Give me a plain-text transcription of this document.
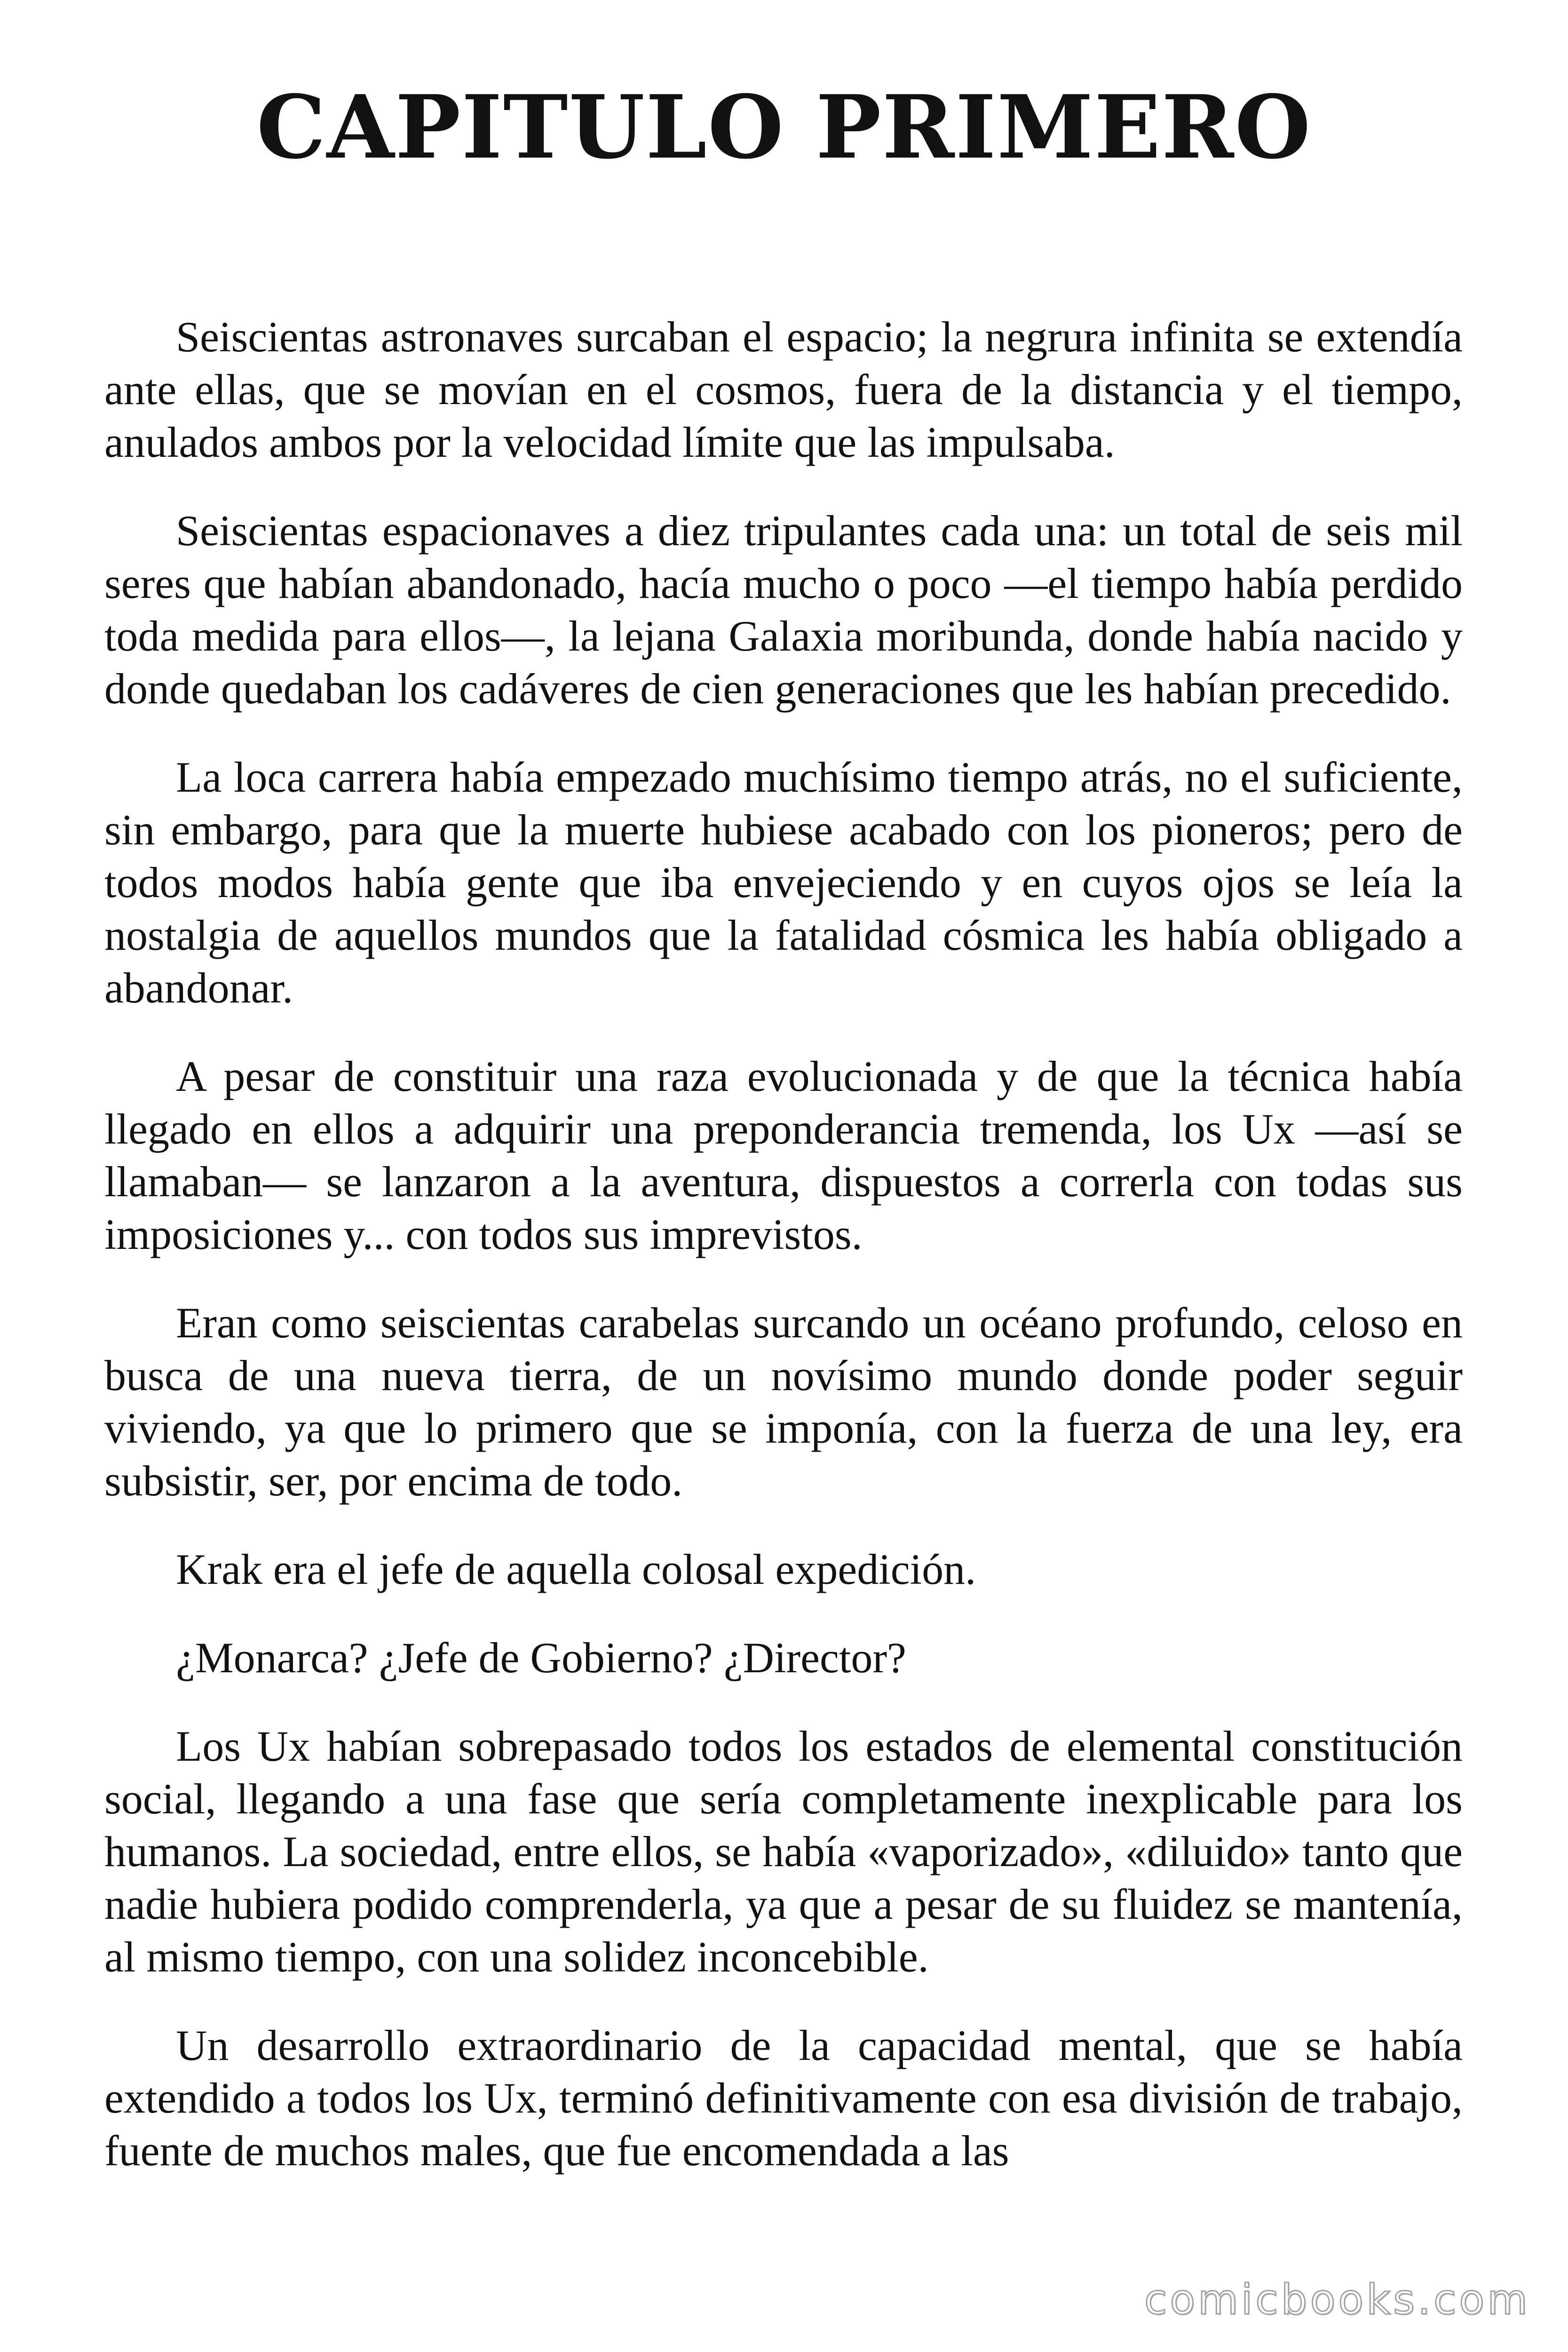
CAPITULO PRIMERO

Seiscientas astronaves surcaban el espacio; la negrura infinita se extendía ante ellas, que se movían en el cosmos, fuera de la distancia y el tiempo, anulados ambos por la velocidad límite que las impulsaba.

Seiscientas espacionaves a diez tripulantes cada una: un total de seis mil seres que habían abandonado, hacía mucho o poco —el tiempo había perdido toda medida para ellos—, la lejana Galaxia moribunda, donde había nacido y donde quedaban los cadáveres de cien generaciones que les habían precedido.

La loca carrera había empezado muchísimo tiempo atrás, no el suficiente, sin embargo, para que la muerte hubiese acabado con los pioneros; pero de todos modos había gente que iba envejeciendo y en cuyos ojos se leía la nostalgia de aquellos mundos que la fatalidad cósmica les había obligado a abandonar.

A pesar de constituir una raza evolucionada y de que la técnica había llegado en ellos a adquirir una preponderancia tremenda, los Ux —así se llamaban— se lanzaron a la aventura, dispuestos a correrla con todas sus imposiciones y... con todos sus imprevistos.

Eran como seiscientas carabelas surcando un océano profundo, celoso en busca de una nueva tierra, de un novísimo mundo donde poder seguir viviendo, ya que lo primero que se imponía, con la fuerza de una ley, era subsistir, ser, por encima de todo.

Krak era el jefe de aquella colosal expedición.

¿Monarca? ¿Jefe de Gobierno? ¿Director?

Los Ux habían sobrepasado todos los estados de elemental constitución social, llegando a una fase que sería completamente inexplicable para los humanos. La sociedad, entre ellos, se había «vaporizado», «diluido» tanto que nadie hubiera podido comprenderla, ya que a pesar de su fluidez se mantenía, al mismo tiempo, con una solidez inconcebible.

Un desarrollo extraordinario de la capacidad mental, que se había extendido a todos los Ux, terminó definitivamente con esa división de trabajo, fuente de muchos males, que fue encomendada a las

comicbooks.com
